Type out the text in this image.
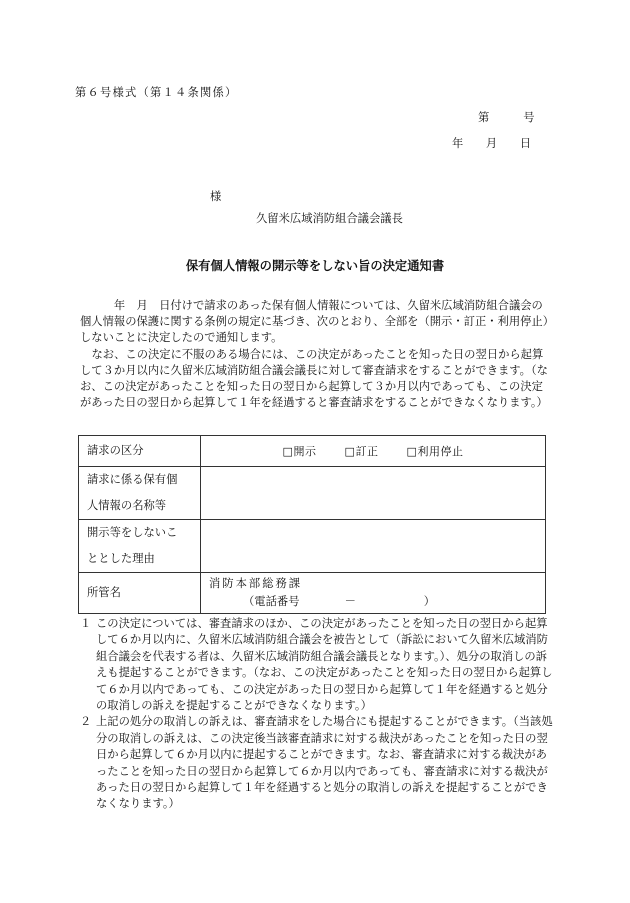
第６号様式（第１４条関係）
第　　　号
年　　月　　日
様
久留米広域消防組合議会議長
保有個人情報の開示等をしない旨の決定通知書

　　　年　月　日付けで請求のあった保有個人情報については、久留米広域消防組合議会の個人情報の保護に関する条例の規定に基づき、次のとおり、全部を（開示・訂正・利用停止）しないことに決定したので通知します。

なお、この決定に不服のある場合には、この決定があったことを知った日の翌日から起算して３か月以内に久留米広域消防組合議会議長に対して審査請求をすることができます。（なお、この決定があったことを知った日の翌日から起算して３か月以内であっても、この決定があった日の翌日から起算して１年を経過すると審査請求をすることができなくなります。）

請求の区分	□開示 □訂正 □利用停止

請求に係る保有個
人情報の名称等	

開示等をしないこ
ととした理由	

所管名	消防本部総務課
（電話番号　　　　－　　　　　　）

１ この決定については、審査請求のほか、この決定があったことを知った日の翌日から起算して６か月以内に、久留米広域消防組合議会を被告として（訴訟において久留米広域消防組合議会を代表する者は、久留米広域消防組合議会議長となります。）、処分の取消しの訴えも提起することができます。（なお、この決定があったことを知った日の翌日から起算して６か月以内であっても、この決定があった日の翌日から起算して１年を経過すると処分の取消しの訴えを提起することができなくなります。）

２ 上記の処分の取消しの訴えは、審査請求をした場合にも提起することができます。（当該処分の取消しの訴えは、この決定後当該審査請求に対する裁決があったことを知った日の翌日から起算して６か月以内に提起することができます。なお、審査請求に対する裁決があったことを知った日の翌日から起算して６か月以内であっても、審査請求に対する裁決があった日の翌日から起算して１年を経過すると処分の取消しの訴えを提起することができなくなります。）
